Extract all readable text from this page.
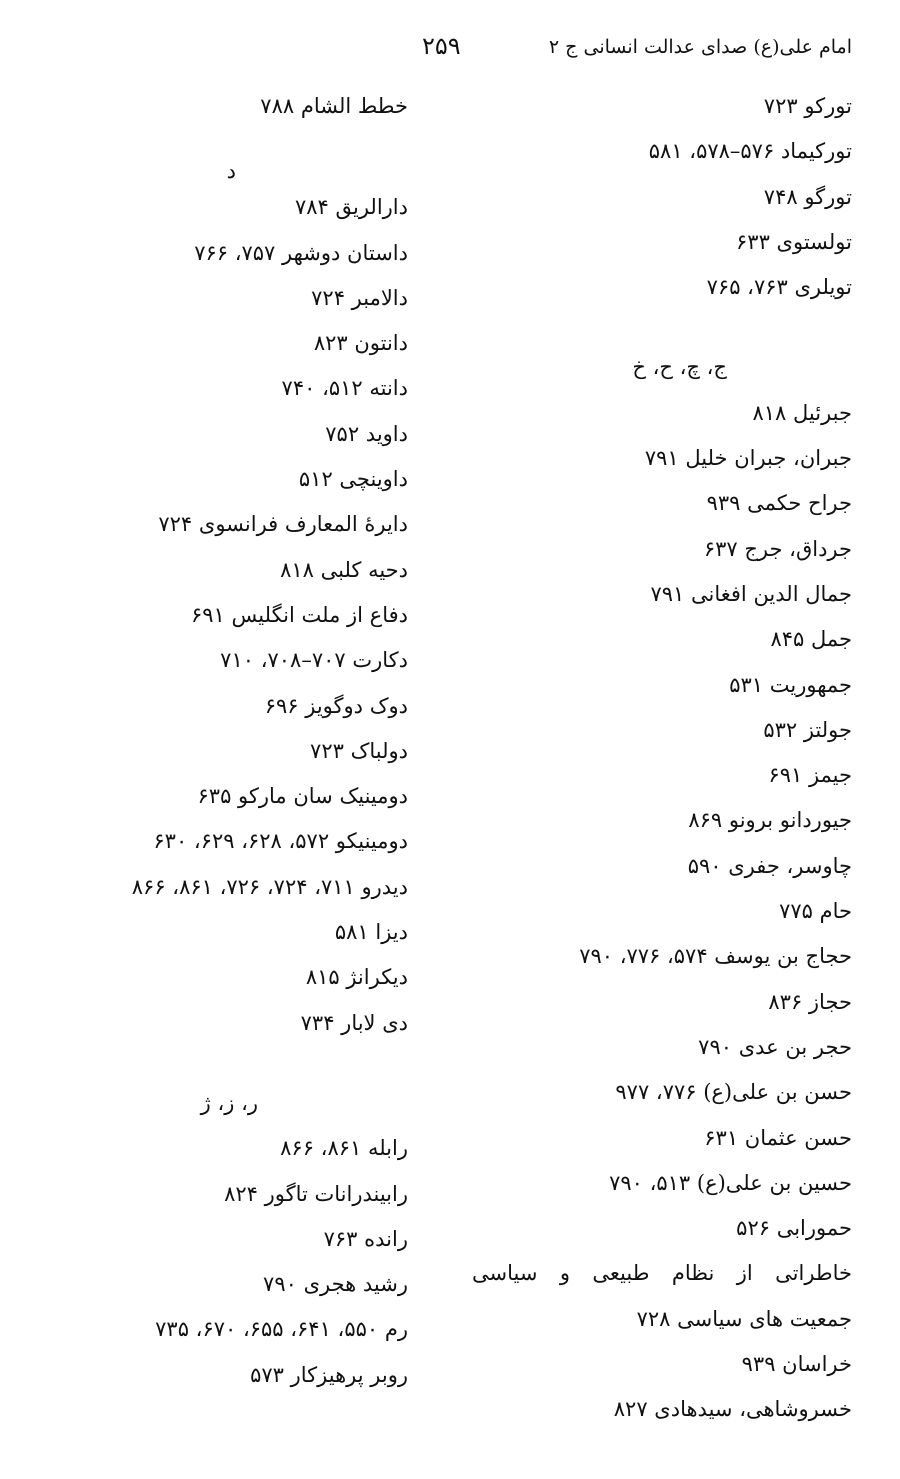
امام علی(ع) صدای عدالت انسانی ج ۲
۲۵۹
تورکو ۷۲۳
تورکیماد ۵۷۶–۵۷۸، ۵۸۱
تورگو ۷۴۸
تولستوی ۶۳۳
تویلری ۷۶۳، ۷۶۵
ج، چ، ح، خ
جبرئیل ۸۱۸
جبران، جبران خلیل ۷۹۱
جراح حکمی ۹۳۹
جرداق، جرج ۶۳۷
جمال الدین افغانی ۷۹۱
جمل ۸۴۵
جمهوریت ۵۳۱
جولتز ۵۳۲
جیمز ۶۹۱
جیوردانو برونو ۸۶۹
چاوسر، جفری ۵۹۰
حام ۷۷۵
حجاج بن یوسف ۵۷۴، ۷۷۶، ۷۹۰
حجاز ۸۳۶
حجر بن عدی ۷۹۰
حسن بن علی(ع) ۷۷۶، ۹۷۷
حسن عثمان ۶۳۱
حسین بن علی(ع) ۵۱۳، ۷۹۰
حمورابی ۵۲۶
خاطراتی از نظام طبیعی و سیاسی
جمعیت های سیاسی ۷۲۸
خراسان ۹۳۹
خسروشاهی، سیدهادی ۸۲۷
خطط الشام ۷۸۸
د
دارالریق ۷۸۴
داستان دوشهر ۷۵۷، ۷۶۶
دالامبر ۷۲۴
دانتون ۸۲۳
دانته ۵۱۲، ۷۴۰
داوید ۷۵۲
داوینچی ۵۱۲
دایرۀ المعارف فرانسوی ۷۲۴
دحیه کلبی ۸۱۸
دفاع از ملت انگلیس ۶۹۱
دکارت ۷۰۷–۷۰۸، ۷۱۰
دوک دوگویز ۶۹۶
دولباک ۷۲۳
دومینیک سان مارکو ۶۳۵
دومینیکو ۵۷۲، ۶۲۸، ۶۲۹، ۶۳۰
دیدرو ۷۱۱، ۷۲۴، ۷۲۶، ۸۶۱، ۸۶۶
دیزا ۵۸۱
دیکرانژ ۸۱۵
دی لابار ۷۳۴
ر، ز، ژ
رابله ۸۶۱، ۸۶۶
رابیندرانات تاگور ۸۲۴
رانده ۷۶۳
رشید هجری ۷۹۰
رم ۵۵۰، ۶۴۱، ۶۵۵، ۶۷۰، ۷۳۵
روبر پرهیزکار ۵۷۳
